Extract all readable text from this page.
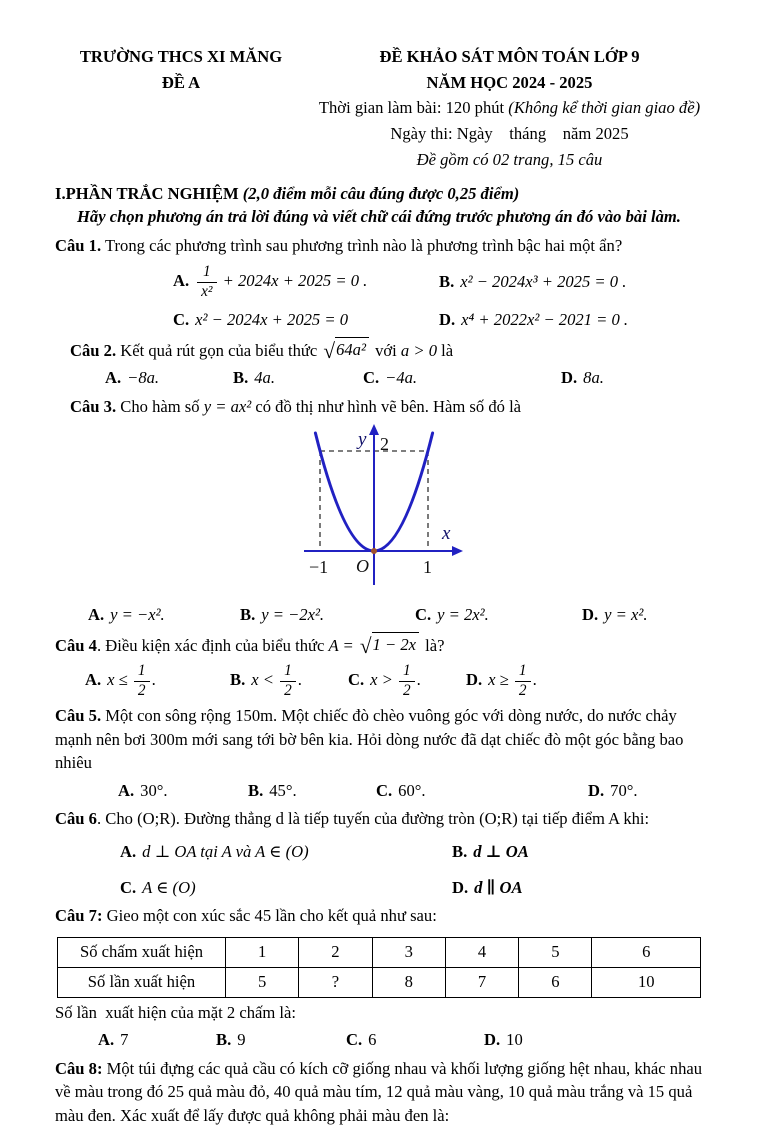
TRƯỜNG THCS XI MĂNG
ĐỀ A
ĐỀ KHẢO SÁT MÔN TOÁN LỚP 9
NĂM HỌC 2024 - 2025
Thời gian làm bài: 120 phút (Không kể thời gian giao đề)
Ngày thi: Ngày    tháng    năm 2025
Đề gồm có 02 trang, 15 câu

I.PHẦN TRẮC NGHIỆM (2,0 điểm mỗi câu đúng được 0,25 điểm)

Hãy chọn phương án trả lời đúng và viết chữ cái đứng trước phương án đó vào bài làm.

Câu 1. Trong các phương trình sau phương trình nào là phương trình bậc hai một ẩn?

A. $\frac{1}{\text{x²}} + 2024x + 2025 = 0$ .	B. x² − 2024x³ + 2025 = 0 .
C. x² − 2024x + 2025 = 0	D. x⁴ + 2022x² − 2021 = 0 .

Câu 2. Kết quả rút gọn của biểu thức √ 64a² với a > 0 là

A. −8a.	B. 4a.	C. −4a.	D. 8a.

Câu 3. Cho hàm số y = ax² có đồ thị như hình vẽ bên. Hàm số đó là

y 2
x
−1 O	1
A. y = −x².	B. y = −2x².	C. y = 2x².	D. y = x².

Câu 4. Điều kiện xác định của biểu thức A = √ 1 − 2x là?

A. $x \le \frac{1}{2}$ .	B. $x < \frac{1}{2}$ .	C. $x > \frac{1}{2}$ .	D. $x \ge \frac{1}{2}$ .

Câu 5. Một con sông rộng 150m. Một chiếc đò chèo vuông góc với dòng nước, do nước chảy mạnh nên bơi 300m mới sang tới bờ bên kia. Hỏi dòng nước đã dạt chiếc đò một góc bằng bao nhiêu

A. 30°.	B. 45°.	C. 60°.	D. 70°.

Câu 6. Cho (O;R). Đường thẳng d là tiếp tuyến của đường tròn (O;R) tại tiếp điểm A khi:

A. d ⊥ OA tại A và A ∈ (O)	B. d ⊥ OA
C. A ∈ (O)	D. d ∥ OA

Câu 7: Gieo một con xúc sắc 45 lần cho kết quả như sau:

Số chấm xuất hiện	1	2	3	4	5	6
Số lần xuất hiện	5	?	8	7	6	10

Số lần  xuất hiện của mặt 2 chấm là:

A. 7	B. 9	C. 6	D. 10

Câu 8: Một túi đựng các quả cầu có kích cỡ giống nhau và khối lượng giống hệt nhau, khác nhau về màu trong đó 25 quả màu đỏ, 40 quả màu tím, 12 quả màu vàng, 10 quả màu trắng và 15 quả màu đen. Xác xuất để lấy được quả không phải màu đen là:
